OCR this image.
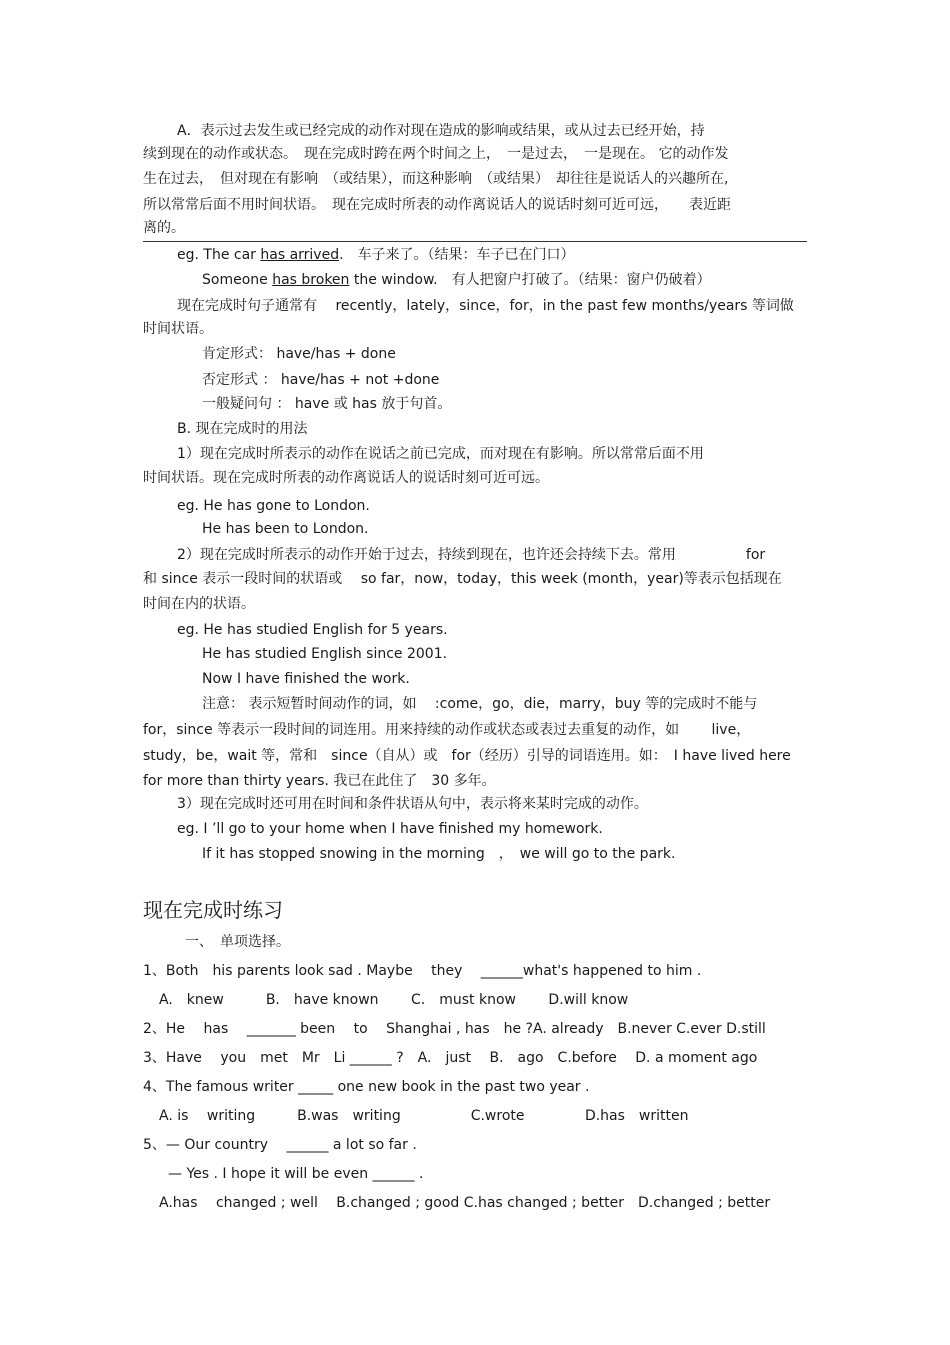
A．表示过去发生或已经完成的动作对现在造成的影响或结果，或从过去已经开始，持
续到现在的动作或状态。　现在完成时跨在两个时间之上，　一是过去，　一是现在。 它的动作发
生在过去，　但对现在有影响　（或结果），而这种影响　（或结果）　却往往是说话人的兴趣所在,
所以常常后面不用时间状语。　现在完成时所表的动作离说话人的说话时刻可近可远，　　表近距
离的。
eg. The car has arrived.　车子来了。（结果：车子已在门口）
Someone has broken the window.　有人把窗户打破了。（结果：窗户仍破着）
现在完成时句子通常有　 recently，lately，since，for，in the past few months/years 等词做
时间状语。
肯定形式： have/has + done
否定形式 ： have/has + not +done
一般疑问句 ： have 或 has 放于句首。
B. 现在完成时的用法
1）现在完成时所表示的动作在说话之前已完成，而对现在有影响。所以常常后面不用
时间状语。现在完成时所表的动作离说话人的说话时刻可近可远。
eg. He has gone to London.
He has been to London.
2）现在完成时所表示的动作开始于过去，持续到现在，也许还会持续下去。常用　　　　　for
和 since 表示一段时间的状语或　 so far，now，today，this week (month，year)等表示包括现在
时间在内的状语。
eg. He has studied English for 5 years.
He has studied English since 2001.
Now I have finished the work.
注意： 表示短暂时间动作的词，如　 :come，go，die，marry，buy 等的完成时不能与
for，since 等表示一段时间的词连用。用来持续的动作或状态或表过去重复的动作，如　　 live，
study，be，wait 等，常和　since（自从）或　for（经历）引导的词语连用。如：　I have lived here
for more than thirty years. 我已在此住了　30 多年。
3）现在完成时还可用在时间和条件状语从句中，表示将来某时完成的动作。
eg. I ’ll go to your home when I have finished my homework.
If it has stopped snowing in the morning　，　we will go to the park.
现在完成时练习
一、　单项选择。
1、Both　his parents look sad . Maybe　 they　 ______what's happened to him .
A.　knew　　　B.　have known　　 C.　must know　　 D.will know
2、He　 has　 _______ been　 to　 Shanghai , has　he ?A. already　B.never C.ever D.still
3、Have　 you　met　Mr　Li ______ ?　A.　just　 B.　ago　C.before　 D. a moment ago
4、The famous writer _____ one new book in the past two year .
A. is　 writing　　　B.was　writing　　　　　C.wrote　　　　 D.has　written
5、— Our country　 ______ a lot so far .
— Yes . I hope it will be even ______ .
A.has　 changed ; well　 B.changed ; good C.has changed ; better　D.changed ; better
